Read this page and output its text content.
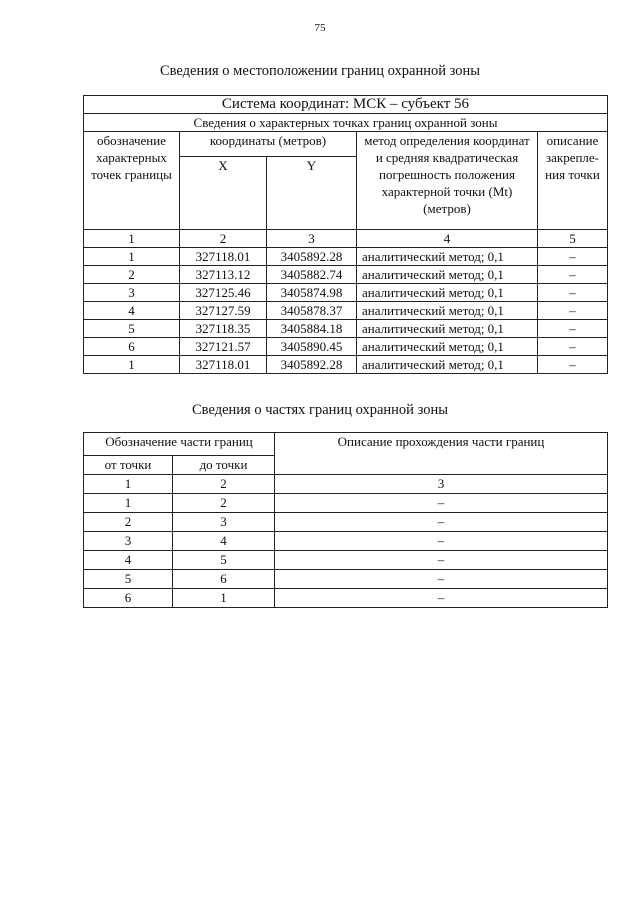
75
Сведения о местоположении границ охранной зоны
Система координат: МСК – субъект 56				
Сведения о характерных точках границ охранной зоны				
обозначение характерных точек границы	координаты (метров)		метод определения координат и средняя квадратическая погрешность положения характерной точки (Mt) (метров)	описание закрепле-ния точки
	X	Y		
1	2	3	4	5
1	327118.01	3405892.28	аналитический метод; 0,1	–
2	327113.12	3405882.74	аналитический метод; 0,1	–
3	327125.46	3405874.98	аналитический метод; 0,1	–
4	327127.59	3405878.37	аналитический метод; 0,1	–
5	327118.35	3405884.18	аналитический метод; 0,1	–
6	327121.57	3405890.45	аналитический метод; 0,1	–
1	327118.01	3405892.28	аналитический метод; 0,1	–
Сведения о частях границ охранной зоны
Обозначение части границ		Описание прохождения части границ
от точки	до точки	
1	2	3
1	2	–
2	3	–
3	4	–
4	5	–
5	6	–
6	1	–
